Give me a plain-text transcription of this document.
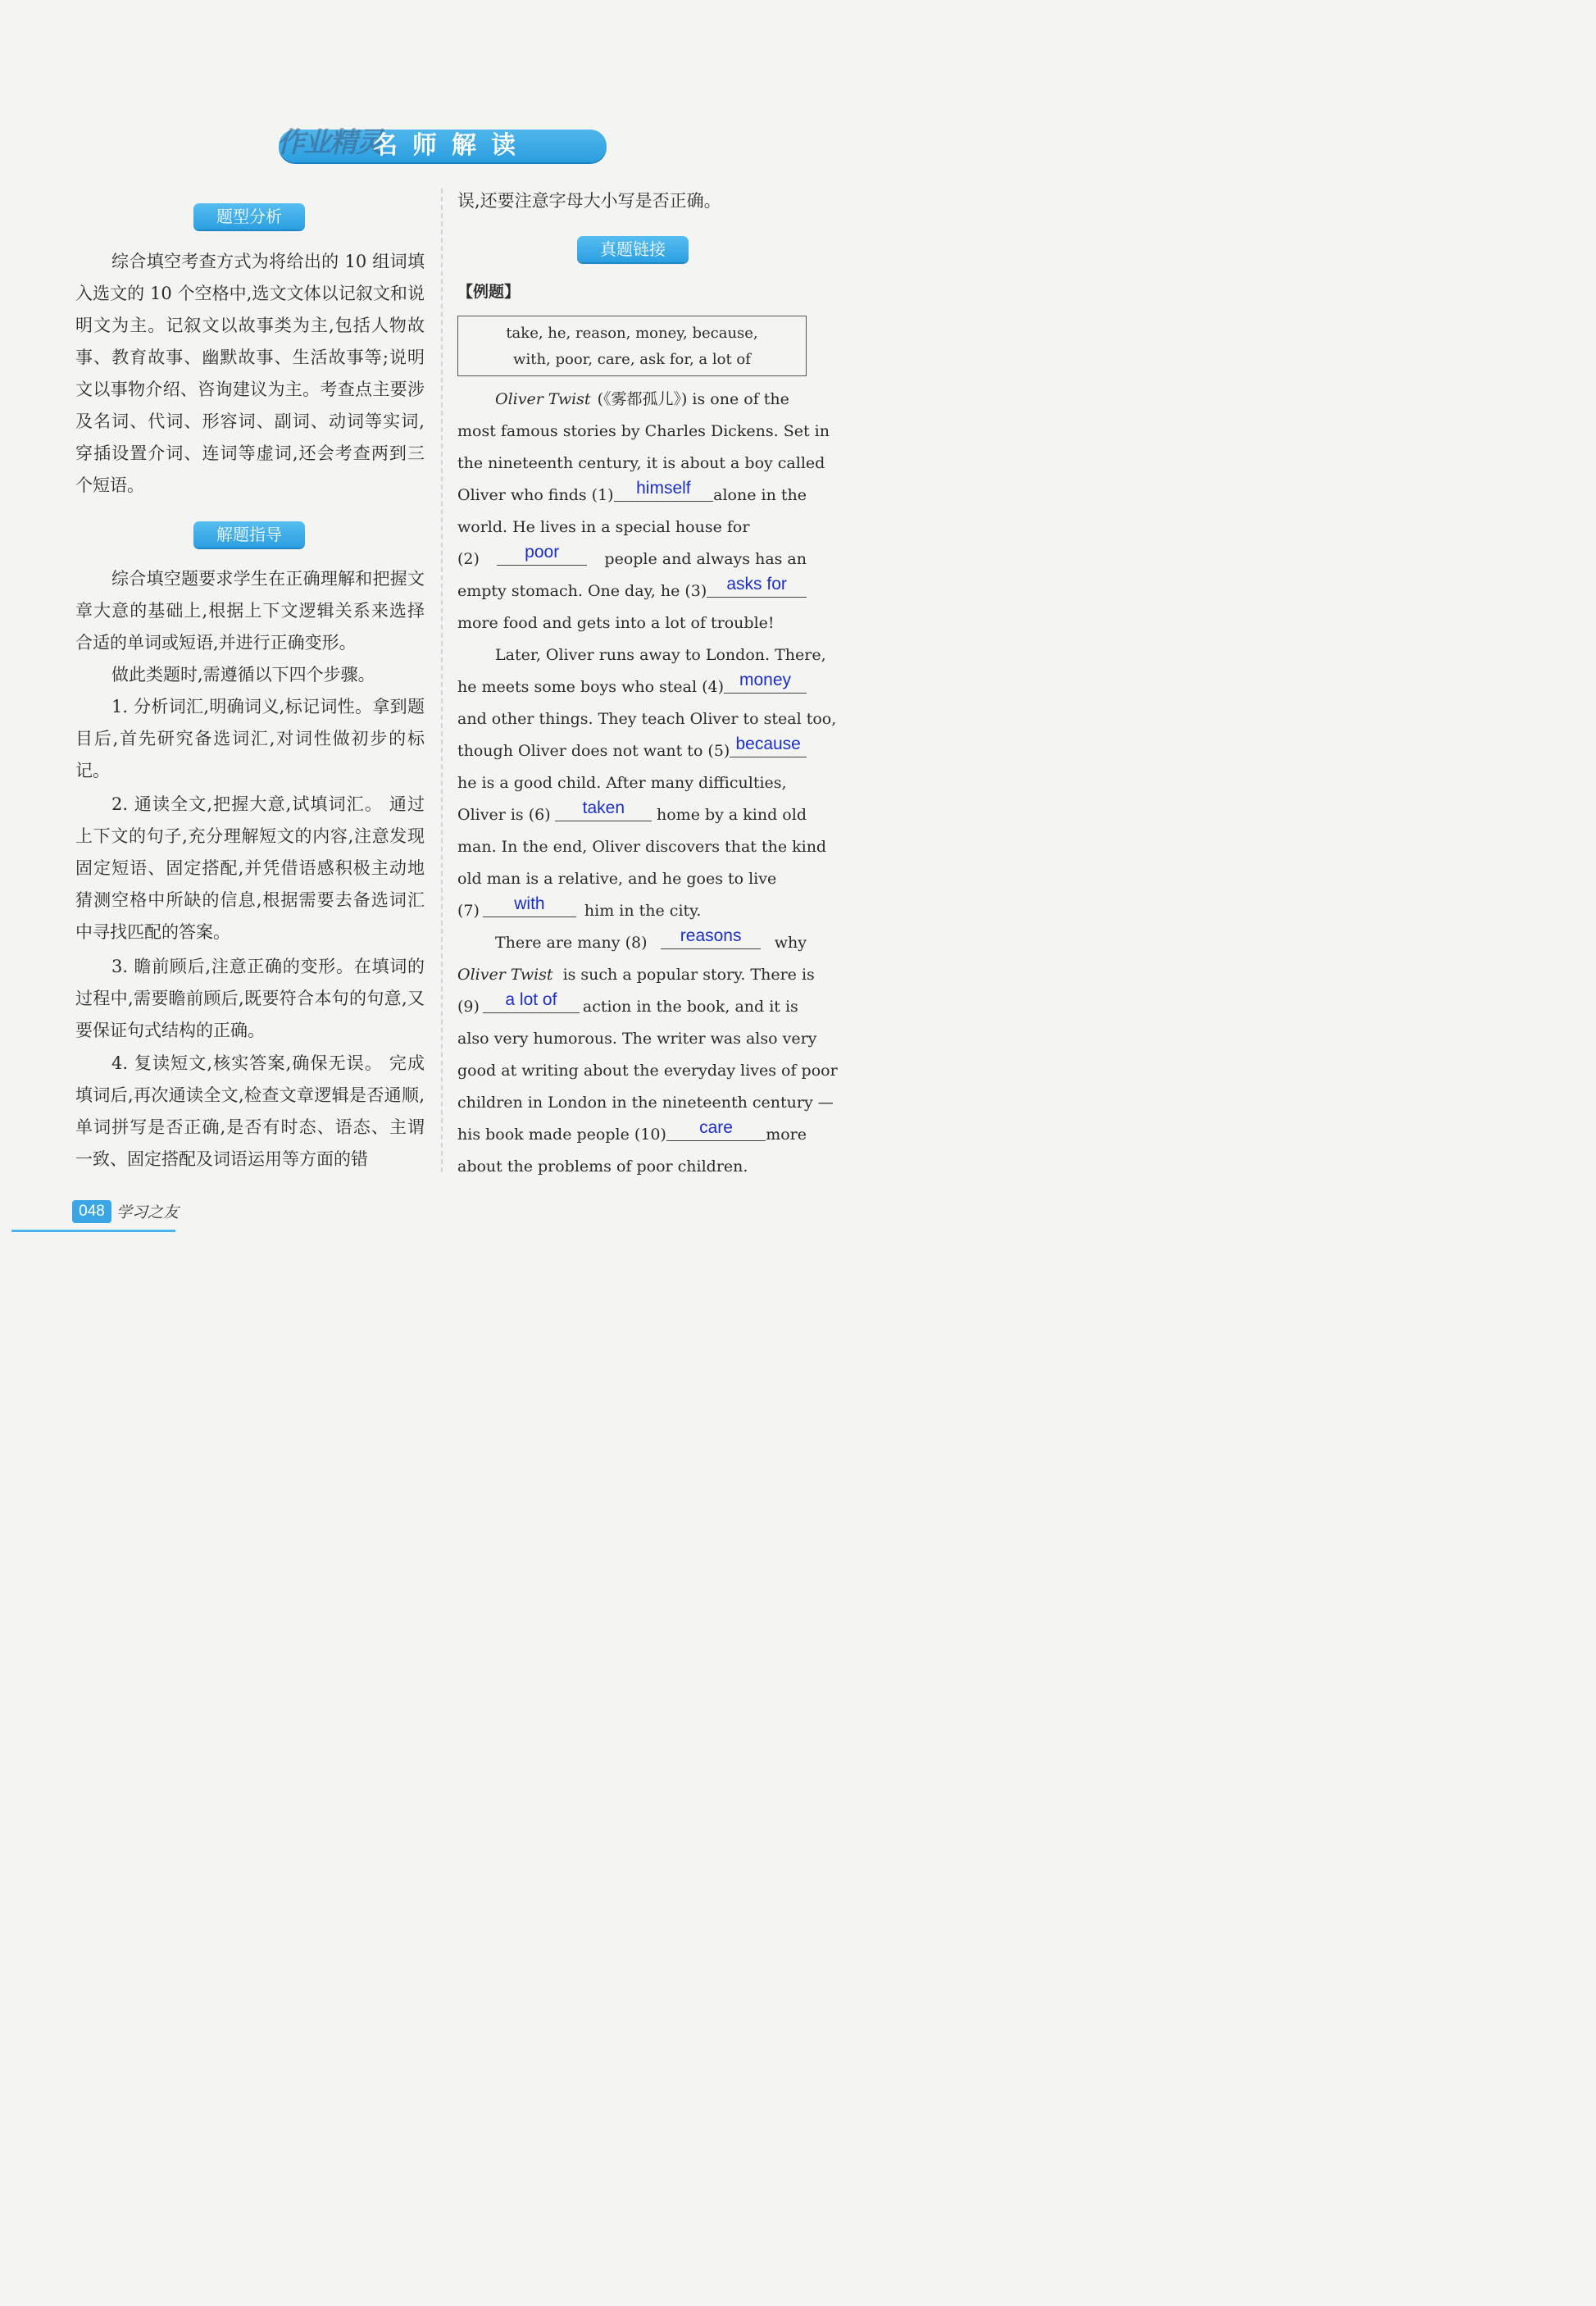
作业精灵
名师解读
题型分析
综合填空考查方式为将给出的 10 组词填入选文的 10 个空格中,选文文体以记叙文和说明文为主。记叙文以故事类为主,包括人物故事、教育故事、幽默故事、生活故事等;说明文以事物介绍、咨询建议为主。考查点主要涉及名词、代词、形容词、副词、动词等实词,穿插设置介词、连词等虚词,还会考查两到三个短语。
解题指导
综合填空题要求学生在正确理解和把握文章大意的基础上,根据上下文逻辑关系来选择合适的单词或短语,并进行正确变形。
做此类题时,需遵循以下四个步骤。
1. 分析词汇,明确词义,标记词性。拿到题目后,首先研究备选词汇,对词性做初步的标记。
2. 通读全文,把握大意,试填词汇。 通过上下文的句子,充分理解短文的内容,注意发现固定短语、固定搭配,并凭借语感积极主动地猜测空格中所缺的信息,根据需要去备选词汇中寻找匹配的答案。
3. 瞻前顾后,注意正确的变形。在填词的过程中,需要瞻前顾后,既要符合本句的句意,又要保证句式结构的正确。
4. 复读短文,核实答案,确保无误。 完成填词后,再次通读全文,检查文章逻辑是否通顺,单词拼写是否正确,是否有时态、语态、主谓一致、固定搭配及词语运用等方面的错
误,还要注意字母大小写是否正确。
真题链接
【例题】
take, he, reason, money, because,
with, poor, care, ask for, a lot of
Oliver Twist (《雾都孤儿》) is one of the
most famous stories by Charles Dickens. Set in
the nineteenth century, it is about a boy called
Oliver who finds (1)	himself	alone in the
world. He lives in a special house for
(2)	poor	people and always has an
empty stomach. One day, he (3)	asks for
more food and gets into a lot of trouble!
Later, Oliver runs away to London. There,
he meets some boys who steal (4) money
and other things. They teach Oliver to steal too,
though Oliver does not want to (5) because
he is a good child. After many difficulties,
Oliver is (6)	taken	home by a kind old
man. In the end, Oliver discovers that the kind
old man is a relative, and he goes to live
(7)	with	him in the city.
There are many (8)	reasons	why
Oliver Twist is such a popular story. There is
(9)	a lot of	action in the book, and it is
also very humorous. The writer was also very
good at writing about the everyday lives of poor
children in London in the nineteenth century —
his book made people (10)	care	more
about the problems of poor children.
048 学习之友
